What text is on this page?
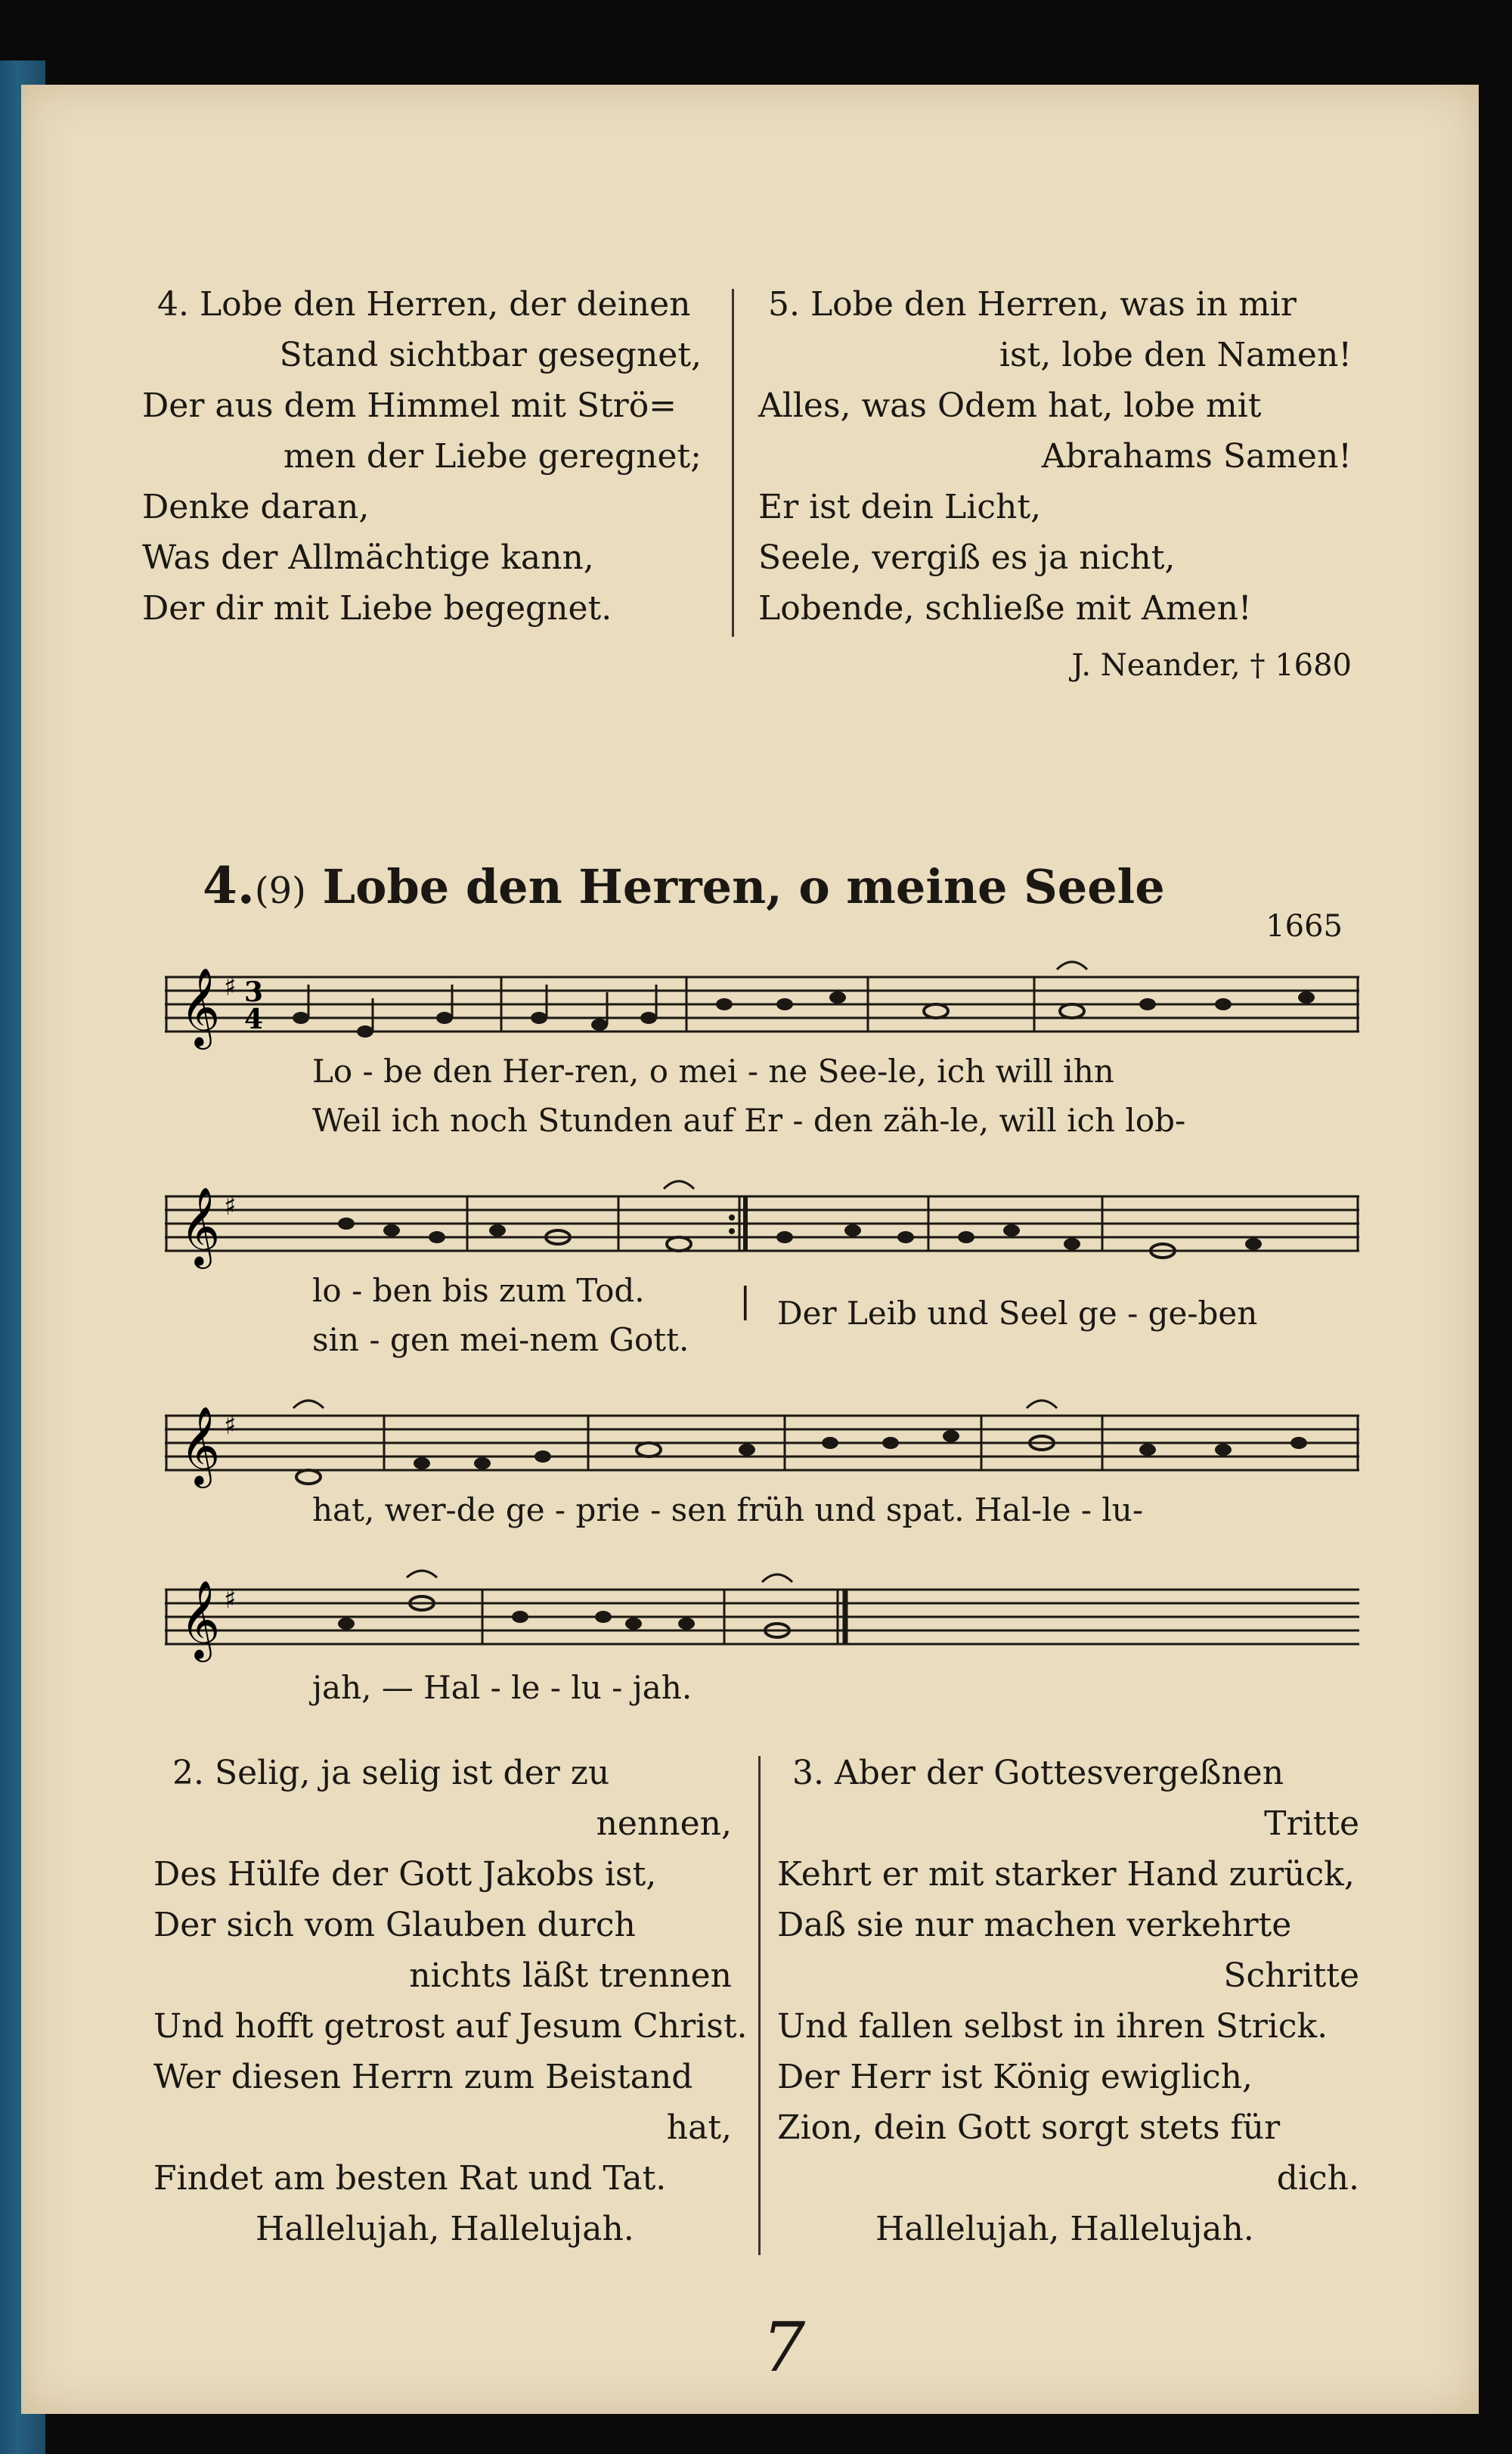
4. Lobe den Herren, der deinen
Stand sichtbar gesegnet,
Der aus dem Himmel mit Strö=
men der Liebe geregnet;
Denke daran,
Was der Allmächtige kann,
Der dir mit Liebe begegnet.
5. Lobe den Herren, was in mir
ist, lobe den Namen!
Alles, was Odem hat, lobe mit
Abrahams Samen!
Er ist dein Licht,
Seele, vergiß es ja nicht,
Lobende, schließe mit Amen!
J. Neander, † 1680
4.(9) Lobe den Herren, o meine Seele
1665
𝄞 3
4
♯
Lo - be den Her-ren, o mei - ne See-le, ich will ihn
Weil ich noch Stunden auf Er - den zäh-le, will ich lob-
𝄞 ♯
lo - ben bis zum Tod.
sin - gen mei-nem Gott.
| Der Leib und Seel ge - ge-ben
𝄞 ♯
hat, wer-de ge - prie - sen früh und spat. Hal-le - lu-
𝄞 ♯
jah, — Hal - le - lu - jah.
2. Selig, ja selig ist der zu
nennen,
Des Hülfe der Gott Jakobs ist,
Der sich vom Glauben durch
nichts läßt trennen
Und hofft getrost auf Jesum Christ.
Wer diesen Herrn zum Beistand
hat,
Findet am besten Rat und Tat.
Hallelujah, Hallelujah.
3. Aber der Gottesvergeßnen
Tritte
Kehrt er mit starker Hand zurück,
Daß sie nur machen verkehrte
Schritte
Und fallen selbst in ihren Strick.
Der Herr ist König ewiglich,
Zion, dein Gott sorgt stets für
dich.
Hallelujah, Hallelujah.
7
